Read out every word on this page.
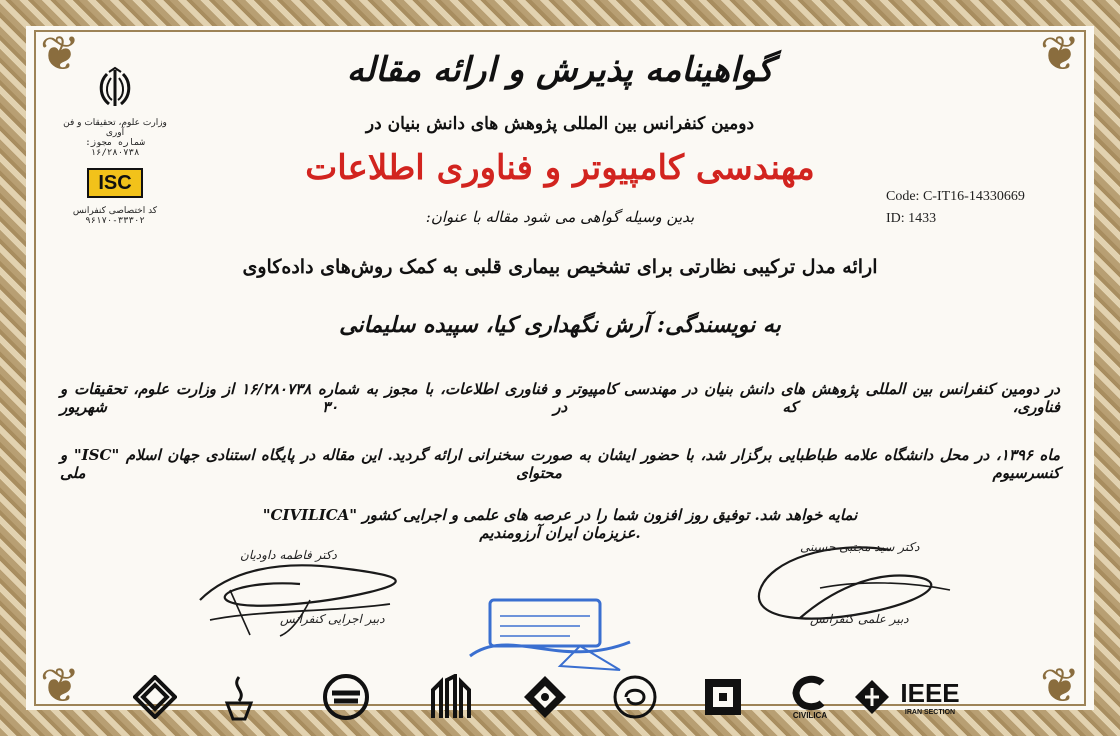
❦	❦
❦	❦
گواهینامه پذیرش و ارائه مقاله
دومین کنفرانس بین المللی پژوهش های دانش بنیان در
مهندسی کامپیوتر و فناوری اطلاعات
بدین وسیله گواهی می شود مقاله با عنوان:
ارائه مدل ترکیبی نظارتی برای تشخیص بیماری قلبی به کمک روش‌های داده‌کاوی
به نویسندگی: آرش نگهداری کیا، سپیده سلیمانی
در دومین کنفرانس بین المللی پژوهش های دانش بنیان در مهندسی کامپیوتر و فناوری اطلاعات، با مجوز به شماره ۱۶/۲۸۰۷۳۸ از وزارت علوم، تحقیقات و فناوری، که در ۳۰ شهریور
ماه ۱۳۹۶، در محل دانشگاه علامه طباطبایی برگزار شد، با حضور ایشان به صورت سخنرانی ارائه گردید. این مقاله در پایگاه استنادی جهان اسلام "ISC" و کنسرسیوم محتوای ملی
"CIVILICA" نمایه خواهد شد. توفیق روز افزون شما را در عرصه های علمی و اجرایی کشور عزیزمان ایران آرزومندیم.
Code: C-IT16-14330669
ID: 1433
وزارت علوم، تحقیقات و فن آوری
شماره مجوز: ۱۶/۲۸۰۷۳۸
ISC
کد اختصاصی کنفرانس
۹۶۱۷۰-۳۳۳۰۲
دکتر فاطمه داودیان
دبیر اجرایی کنفرانس
دکتر سید مجتبی حسینی
دبیر علمی کنفرانس
CIVILICA
IEEE
IRAN SECTION
